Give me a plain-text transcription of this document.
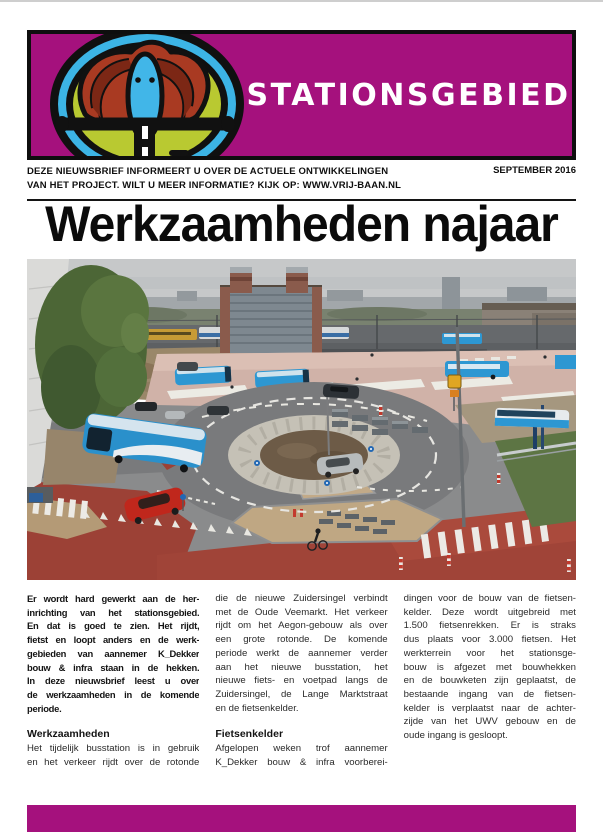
STATIONSGEBIED
DEZE NIEUWSBRIEF INFORMEERT U OVER DE ACTUELE ONTWIKKELINGEN
VAN HET PROJECT. WILT U MEER INFORMATIE? KIJK OP: WWW.VRIJ-BAAN.NL
SEPTEMBER 2016
Werkzaamheden najaar
Er wordt hard gewerkt aan de her-
inrichting van het stationsgebied.
En dat is goed te zien. Het rijdt,
fietst en loopt anders en de werk-
gebieden van aannemer K_Dekker
bouw & infra staan in de hekken.
In deze nieuwsbrief leest u over
de werkzaamheden in de komende
periode.
Werkzaamheden
Het tijdelijk busstation is in gebruik
en het verkeer rijdt over de rotonde
die de nieuwe Zuidersingel verbindt
met de Oude Veemarkt. Het verkeer
rijdt om het Aegon-gebouw als over
een grote rotonde. De komende
periode werkt de aannemer verder
aan het nieuwe busstation, het
nieuwe fiets- en voetpad langs de
Zuidersingel, de Lange Marktstraat
en de fietsenkelder.
Fietsenkelder
Afgelopen weken trof aannemer
K_Dekker bouw & infra voorberei-
dingen voor de bouw van de fietsen-
kelder. Deze wordt uitgebreid met
1.500 fietsenrekken. Er is straks
dus plaats voor 3.000 fietsen. Het
werkterrein voor het stationsge-
bouw is afgezet met bouwhekken
en de bouwketen zijn geplaatst, de
bestaande ingang van de fietsen-
kelder is verplaatst naar de achter-
zijde van het UWV gebouw en de
oude ingang is gesloopt.
